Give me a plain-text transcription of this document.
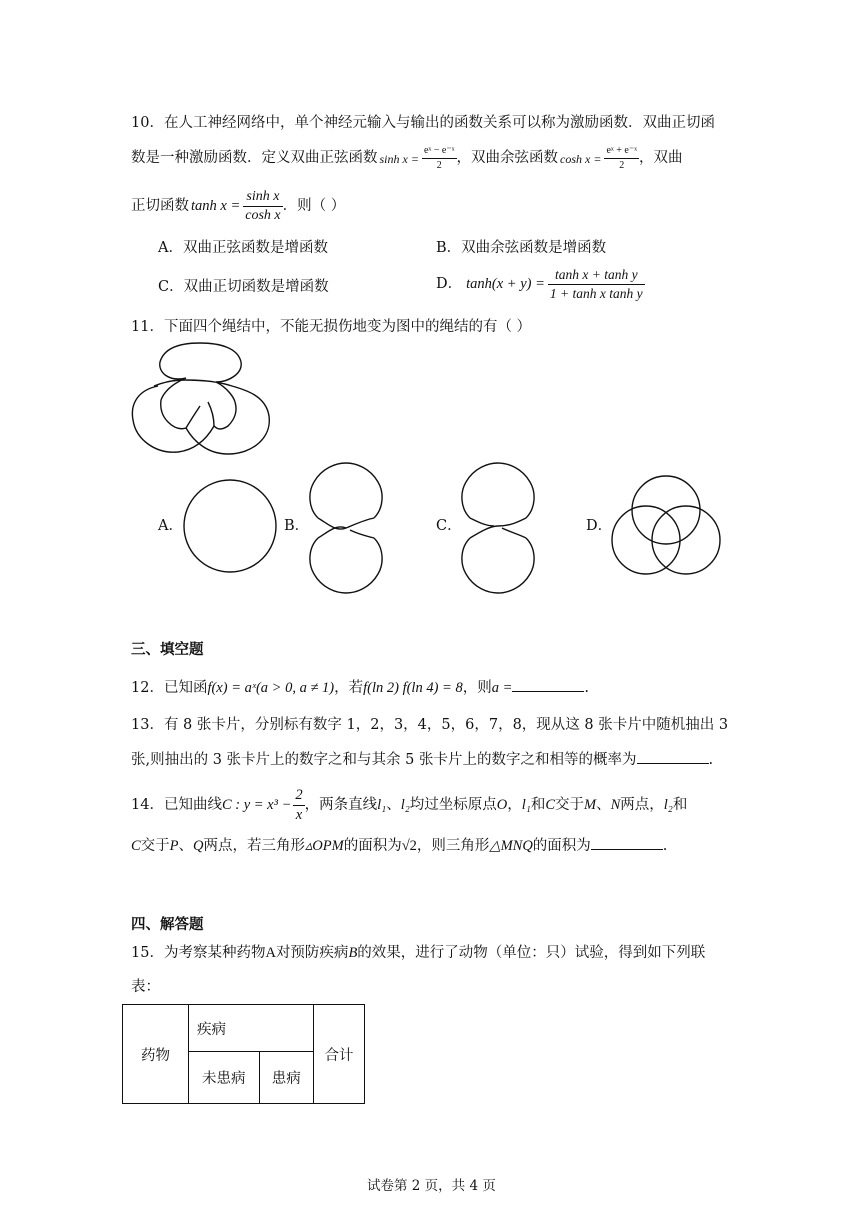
10．在人工神经网络中，单个神经元输入与输出的函数关系可以称为激励函数．双曲正切函
数是一种激励函数．定义双曲正弦函数 $\sinh x = \frac{\text{eˣ − e⁻ˣ}}{2}$ ，双曲余弦函数 $\cosh x = \frac{\text{eˣ + e⁻ˣ}}{2}$ ，双曲
正切函数 $\tanh x = \frac{\text{sinh x}}{\text{cosh x}}$ ．则（ ）
A．双曲正弦函数是增函数	B．双曲余弦函数是增函数
C．双曲正切函数是增函数	D． $\tanh(x + y) = \frac{\text{tanh x + tanh y}}{\text{1 + tanh x tanh y}}$
11．下面四个绳结中，不能无损伤地变为图中的绳结的有（ ）
A．	B．	C．	D．
三、填空题
12．已知函f(x) = aˣ(a > 0, a ≠ 1)，若f(ln 2) f(ln 4) = 8，则a =	.
13．有 8 张卡片，分别标有数字 1，2，3，4，5，6，7，8，现从这 8 张卡片中随机抽出 3
张,则抽出的 3 张卡片上的数字之和与其余 5 张卡片上的数字之和相等的概率为	.
14．已知曲线 C : $y = x^3 - \frac{2}{x}$ ，两条直线 l₁ 、 l₂ 均过坐标原点 O ， l₁ 和 C 交于 M 、 N 两点， l₂ 和
C交于P、Q两点，若三角形▵OPM的面积为√2，则三角形△MNQ的面积为	.
四、解答题
15．为考察某种药物A对预防疾病B的效果，进行了动物（单位：只）试验，得到如下列联
表：
药物	疾病		合计
	未患病	患病	
试卷第 2 页，共 4 页
